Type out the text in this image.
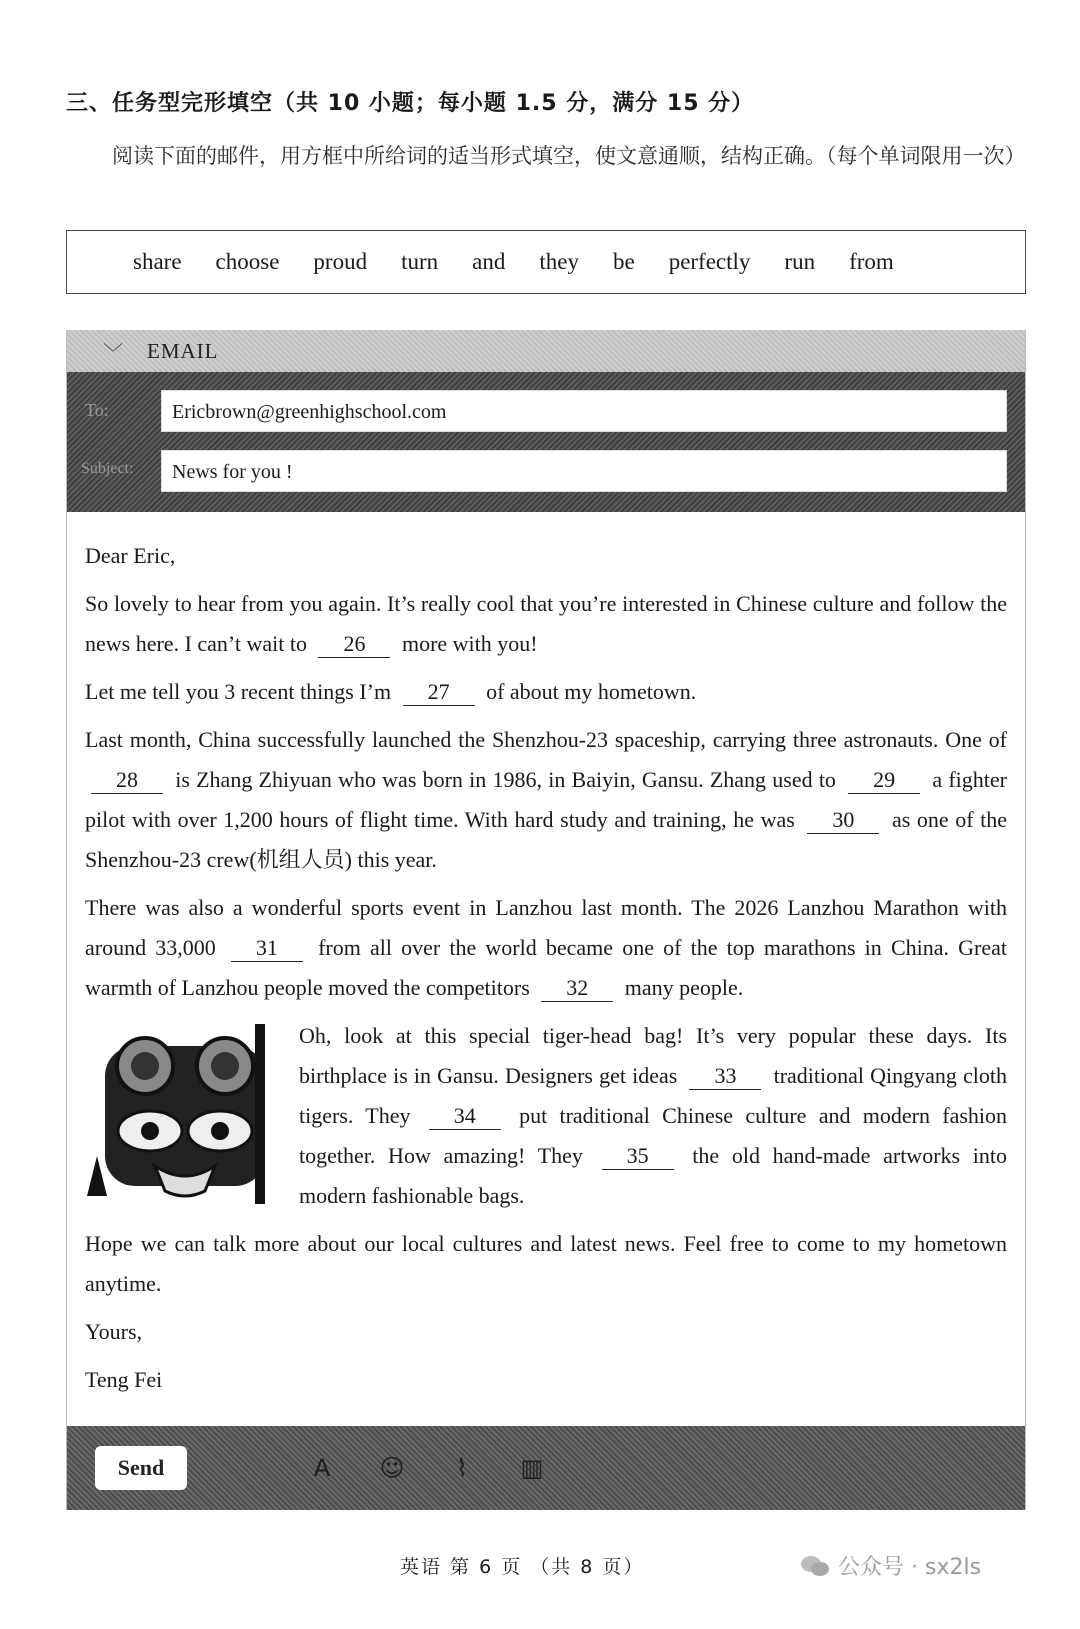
三、任务型完形填空（共 10 小题；每小题 1.5 分，满分 15 分）
阅读下面的邮件，用方框中所给词的适当形式填空，使文意通顺，结构正确。（每个单词限用一次）
share choose proud turn and they be perfectly run from
﹀	EMAIL
To:	Ericbrown@greenhighschool.com
Subject:	News for you !

Dear Eric,

So lovely to hear from you again. It’s really cool that you’re interested in Chinese culture and follow the news here. I can’t wait to 26 more with you!

Let me tell you 3 recent things I’m 27 of about my hometown.

Last month, China successfully launched the Shenzhou-23 spaceship, carrying three astronauts. One of 28 is Zhang Zhiyuan who was born in 1986, in Baiyin, Gansu. Zhang used to 29 a fighter pilot with over 1,200 hours of flight time. With hard study and training, he was 30 as one of the Shenzhou-23 crew(机组人员) this year.

There was also a wonderful sports event in Lanzhou last month. The 2026 Lanzhou Marathon with around 33,000 31 from all over the world became one of the top marathons in China. Great warmth of Lanzhou people moved the competitors 32 many people.

Oh, look at this special tiger-head bag! It’s very popular these days. Its birthplace is in Gansu. Designers get ideas 33 traditional Qingyang cloth tigers. They 34 put traditional Chinese culture and modern fashion together. How amazing! They 35 the old hand-made artworks into modern fashionable bags.

Hope we can talk more about our local cultures and latest news. Feel free to come to my hometown anytime.

Yours,

Teng Fei

Send	A ☺	⌇	▥
英语 第 6 页 （共 8 页）	公众号 · sx2ls
